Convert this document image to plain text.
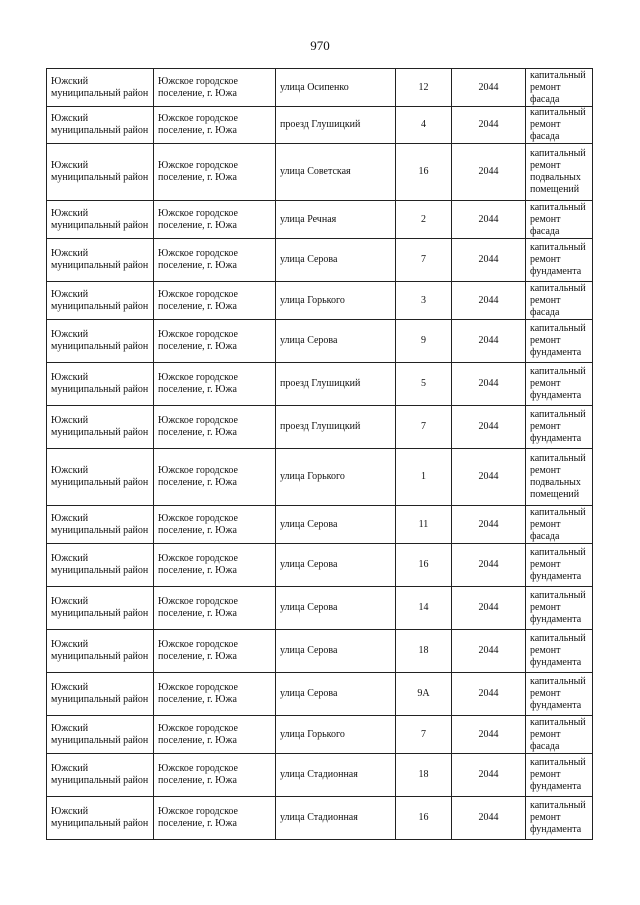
970
Южский муниципальный район	Южское городское поселение, г. Южа	улица Осипенко	12	2044	капитальный ремонт фасада
Южский муниципальный район	Южское городское поселение, г. Южа	проезд Глушицкий	4	2044	капитальный ремонт фасада
Южский муниципальный район	Южское городское поселение, г. Южа	улица Советская	16	2044	капитальный ремонт подвальных помещений
Южский муниципальный район	Южское городское поселение, г. Южа	улица Речная	2	2044	капитальный ремонт фасада
Южский муниципальный район	Южское городское поселение, г. Южа	улица Серова	7	2044	капитальный ремонт фундамента
Южский муниципальный район	Южское городское поселение, г. Южа	улица Горького	3	2044	капитальный ремонт фасада
Южский муниципальный район	Южское городское поселение, г. Южа	улица Серова	9	2044	капитальный ремонт фундамента
Южский муниципальный район	Южское городское поселение, г. Южа	проезд Глушицкий	5	2044	капитальный ремонт фундамента
Южский муниципальный район	Южское городское поселение, г. Южа	проезд Глушицкий	7	2044	капитальный ремонт фундамента
Южский муниципальный район	Южское городское поселение, г. Южа	улица Горького	1	2044	капитальный ремонт подвальных помещений
Южский муниципальный район	Южское городское поселение, г. Южа	улица Серова	11	2044	капитальный ремонт фасада
Южский муниципальный район	Южское городское поселение, г. Южа	улица Серова	16	2044	капитальный ремонт фундамента
Южский муниципальный район	Южское городское поселение, г. Южа	улица Серова	14	2044	капитальный ремонт фундамента
Южский муниципальный район	Южское городское поселение, г. Южа	улица Серова	18	2044	капитальный ремонт фундамента
Южский муниципальный район	Южское городское поселение, г. Южа	улица Серова	9А	2044	капитальный ремонт фундамента
Южский муниципальный район	Южское городское поселение, г. Южа	улица Горького	7	2044	капитальный ремонт фасада
Южский муниципальный район	Южское городское поселение, г. Южа	улица Стадионная	18	2044	капитальный ремонт фундамента
Южский муниципальный район	Южское городское поселение, г. Южа	улица Стадионная	16	2044	капитальный ремонт фундамента
